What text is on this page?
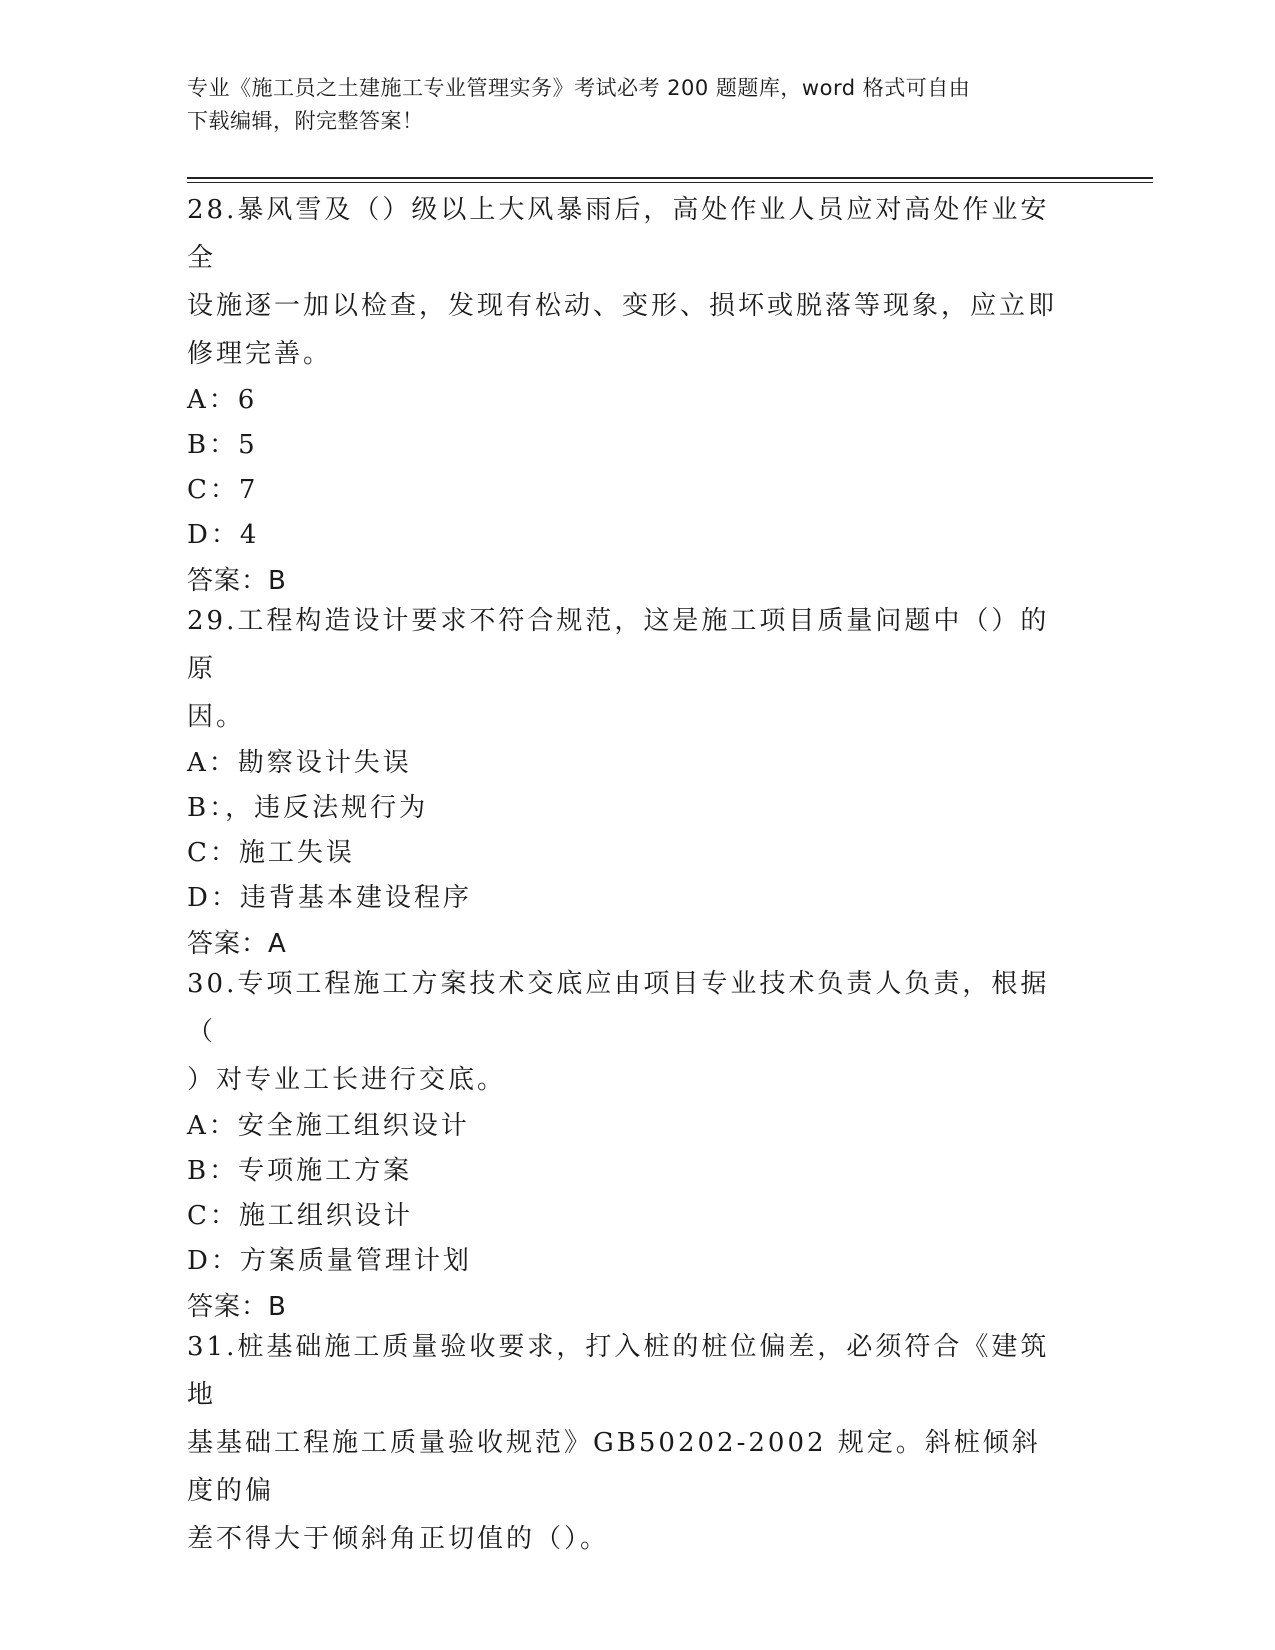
专业《施工员之土建施工专业管理实务》考试必考 200 题题库，word 格式可自由
下载编辑，附完整答案！

28.暴风雪及（）级以上大风暴雨后，高处作业人员应对高处作业安全

设施逐一加以检查，发现有松动、变形、损坏或脱落等现象，应立即

修理完善。

A：6

B：5

C：7

D：4

答案：B

29.工程构造设计要求不符合规范，这是施工项目质量问题中（）的原

因。

A：勘察设计失误

B：，违反法规行为

C：施工失误

D：违背基本建设程序

答案：A

30.专项工程施工方案技术交底应由项目专业技术负责人负责，根据（

）对专业工长进行交底。

A：安全施工组织设计

B：专项施工方案

C：施工组织设计

D：方案质量管理计划

答案：B

31.桩基础施工质量验收要求，打入桩的桩位偏差，必须符合《建筑地

基基础工程施工质量验收规范》GB50202-2002 规定。斜桩倾斜度的偏

差不得大于倾斜角正切值的（）。
